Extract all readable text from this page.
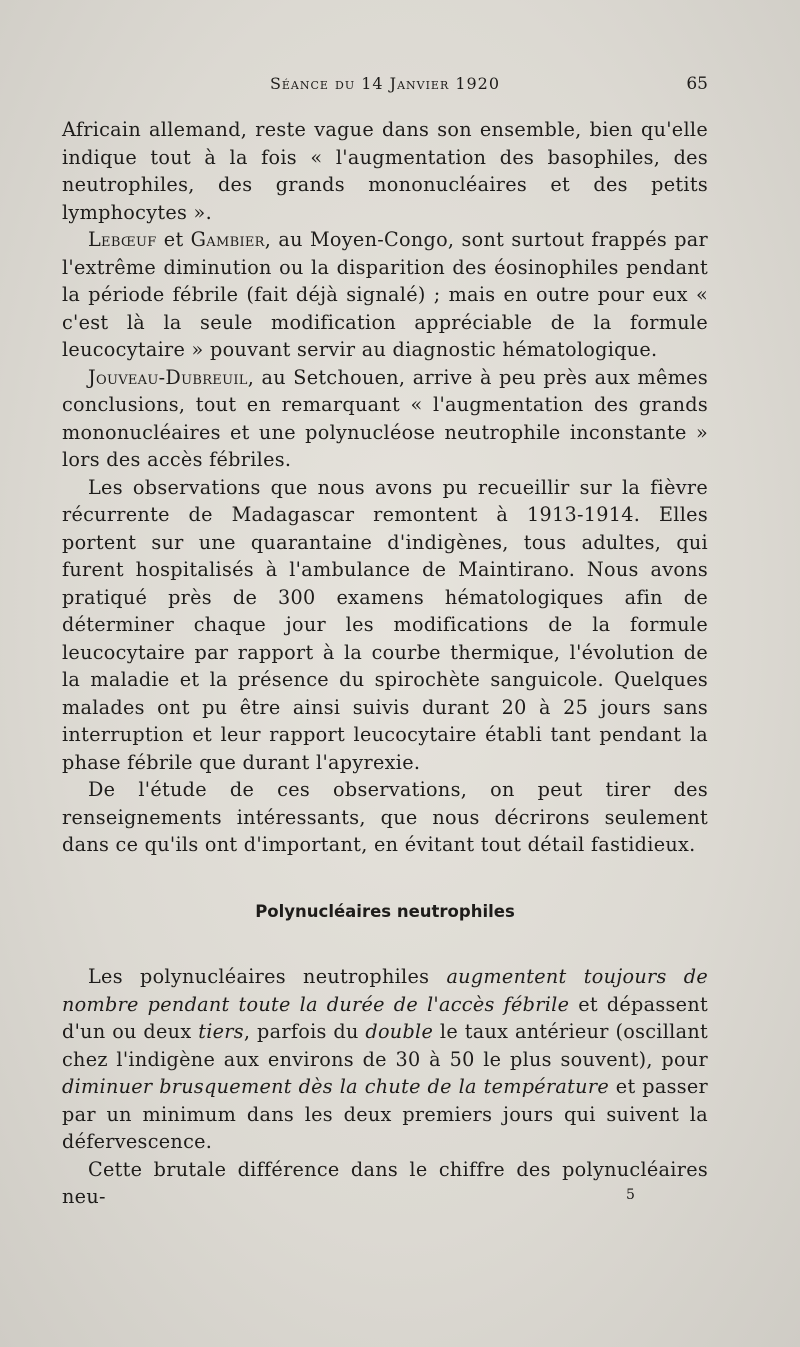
Séance du 14 Janvier 1920	65

Africain allemand, reste vague dans son ensemble, bien qu'elle indique tout à la fois « l'augmentation des basophiles, des neutrophiles, des grands mononucléaires et des petits lymphocytes ».

Lebœuf et Gambier, au Moyen-Congo, sont surtout frappés par l'extrême diminution ou la disparition des éosinophiles pendant la période fébrile (fait déjà signalé) ; mais en outre pour eux « c'est là la seule modification appréciable de la formule leucocytaire » pouvant servir au diagnostic hématologique.

Jouveau-Dubreuil, au Setchouen, arrive à peu près aux mêmes conclusions, tout en remarquant « l'augmentation des grands mononucléaires et une polynucléose neutrophile inconstante » lors des accès fébriles.

Les observations que nous avons pu recueillir sur la fièvre récurrente de Madagascar remontent à 1913-1914. Elles portent sur une quarantaine d'indigènes, tous adultes, qui furent hospitalisés à l'ambulance de Maintirano. Nous avons pratiqué près de 300 examens hématologiques afin de déterminer chaque jour les modifications de la formule leucocytaire par rapport à la courbe thermique, l'évolution de la maladie et la présence du spirochète sanguicole. Quelques malades ont pu être ainsi suivis durant 20 à 25 jours sans interruption et leur rapport leucocytaire établi tant pendant la phase fébrile que durant l'apyrexie.

De l'étude de ces observations, on peut tirer des renseignements intéressants, que nous décrirons seulement dans ce qu'ils ont d'important, en évitant tout détail fastidieux.

Polynucléaires neutrophiles

Les polynucléaires neutrophiles augmentent toujours de nombre pendant toute la durée de l'accès fébrile et dépassent d'un ou deux tiers, parfois du double le taux antérieur (oscillant chez l'indigène aux environs de 30 à 50 le plus souvent), pour diminuer brusquement dès la chute de la température et passer par un minimum dans les deux premiers jours qui suivent la défervescence.

Cette brutale différence dans le chiffre des polynucléaires neu-	5
